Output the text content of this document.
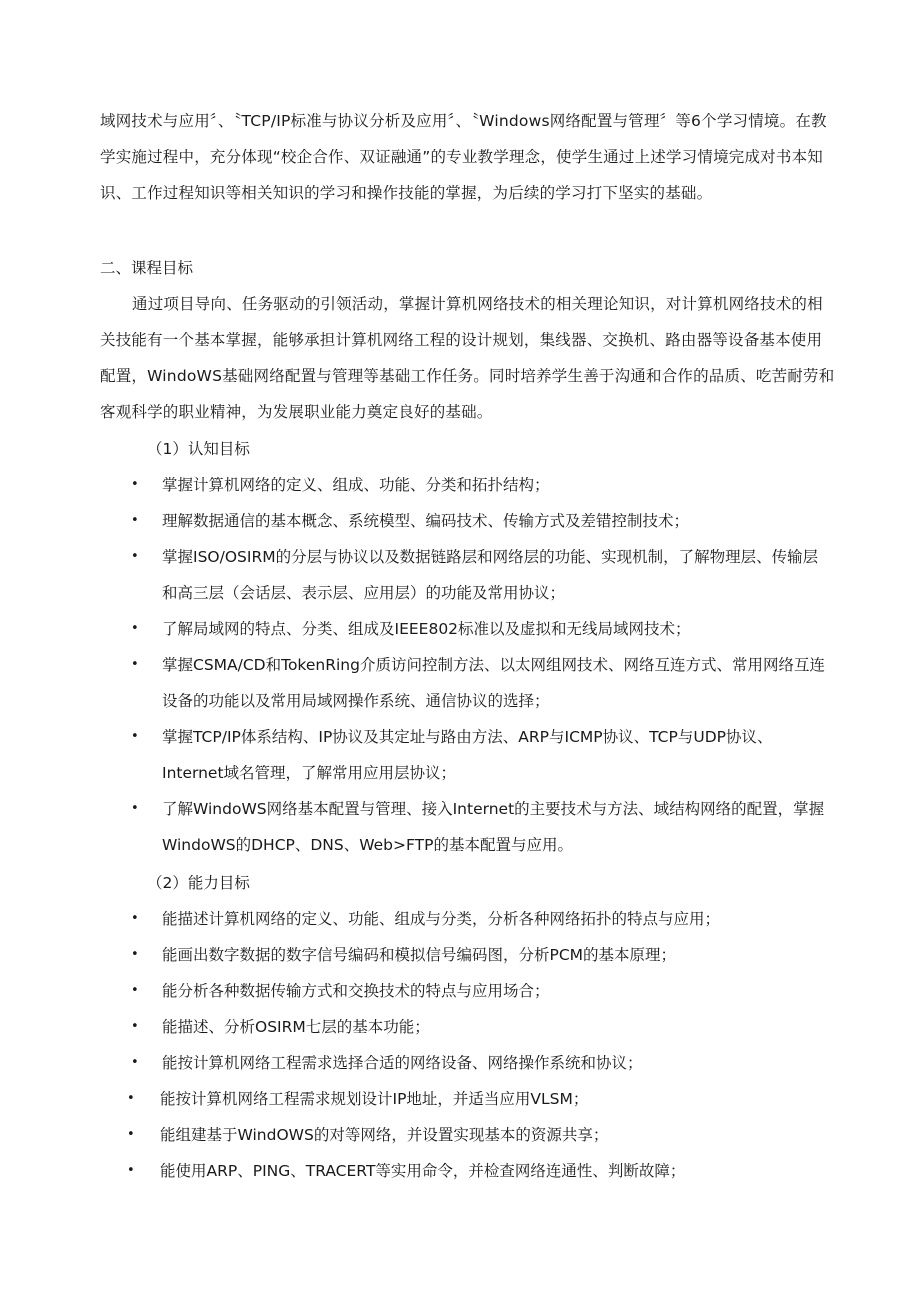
域网技术与应用〞、〝TCP/IP标准与协议分析及应用〞、〝Windows网络配置与管理〞等6个学习情境。在教学实施过程中，充分体现“校企合作、双证融通”的专业教学理念，使学生通过上述学习情境完成对书本知识、工作过程知识等相关知识的学习和操作技能的掌握，为后续的学习打下坚实的基础。

二、课程目标

通过项目导向、任务驱动的引领活动，掌握计算机网络技术的相关理论知识，对计算机网络技术的相关技能有一个基本掌握，能够承担计算机网络工程的设计规划，集线器、交换机、路由器等设备基本使用配置，WindoWS基础网络配置与管理等基础工作任务。同时培养学生善于沟通和合作的品质、吃苦耐劳和客观科学的职业精神，为发展职业能力奠定良好的基础。

（1）认知目标

• 掌握计算机网络的定义、组成、功能、分类和拓扑结构；
• 理解数据通信的基本概念、系统模型、编码技术、传输方式及差错控制技术；
• 掌握ISO/OSIRM的分层与协议以及数据链路层和网络层的功能、实现机制，了解物理层、传输层和高三层（会话层、表示层、应用层）的功能及常用协议；
• 了解局域网的特点、分类、组成及IEEE802标准以及虚拟和无线局域网技术；
• 掌握CSMA/CD和TokenRing介质访问控制方法、以太网组网技术、网络互连方式、常用网络互连设备的功能以及常用局域网操作系统、通信协议的选择；
• 掌握TCP/IP体系结构、IP协议及其定址与路由方法、ARP与ICMP协议、TCP与UDP协议、Internet域名管理，了解常用应用层协议；
• 了解WindoWS网络基本配置与管理、接入Internet的主要技术与方法、域结构网络的配置，掌握WindoWS的DHCP、DNS、Web>FTP的基本配置与应用。

（2）能力目标

• 能描述计算机网络的定义、功能、组成与分类，分析各种网络拓扑的特点与应用；
• 能画出数字数据的数字信号编码和模拟信号编码图，分析PCM的基本原理；
• 能分析各种数据传输方式和交换技术的特点与应用场合；
• 能描述、分析OSIRM七层的基本功能；
• 能按计算机网络工程需求选择合适的网络设备、网络操作系统和协议；
• 能按计算机网络工程需求规划设计IP地址，并适当应用VLSM；
• 能组建基于WindOWS的对等网络，并设置实现基本的资源共享；
• 能使用ARP、PING、TRACERT等实用命令，并检查网络连通性、判断故障；
